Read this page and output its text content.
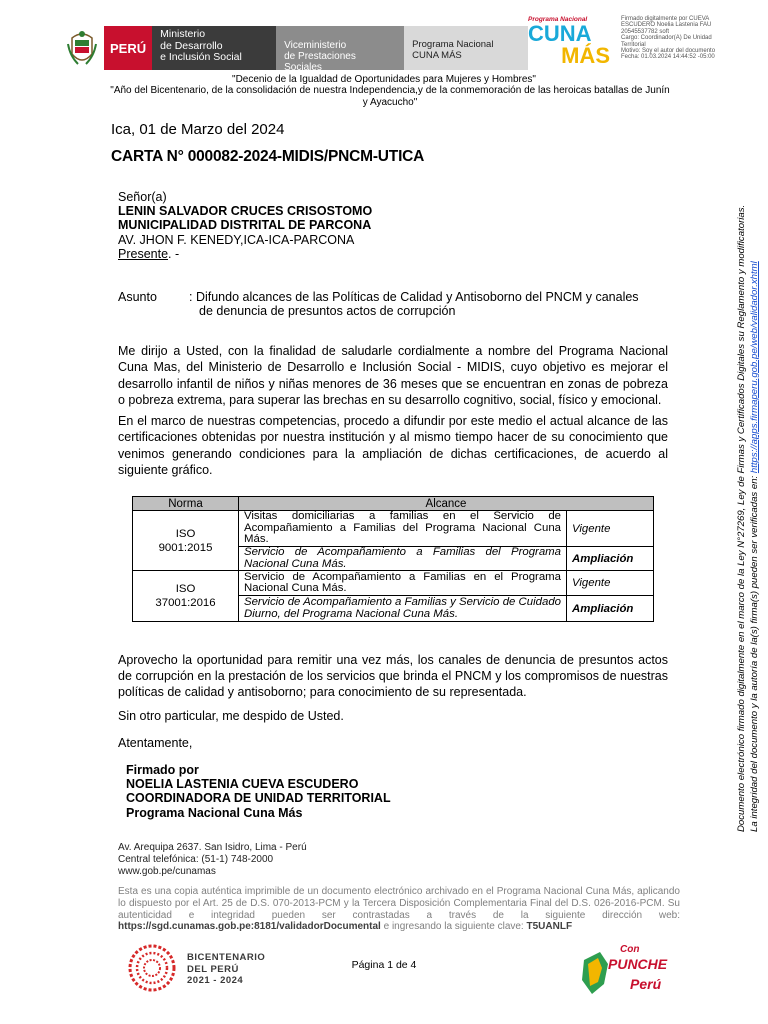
PERÚ
Ministerio
de Desarrollo
e Inclusión Social
Viceministerio
de Prestaciones Sociales
Programa Nacional
CUNA MÁS
Programa Nacional
CUNA
MÁS
Firmado digitalmente por CUEVA
ESCUDERO Noelia Lastenia FAU
20545537782 soft
Cargo: Coordinador(A) De Unidad
Territorial
Motivo: Soy el autor del documento
Fecha: 01.03.2024 14:44:52 -05:00
"Decenio de la Igualdad de Oportunidades para Mujeres y Hombres"
"Año del Bicentenario, de la consolidación de nuestra Independencia,y de la conmemoración de las heroicas batallas de Junín y Ayacucho"
Ica, 01 de Marzo del 2024
CARTA N° 000082-2024-MIDIS/PNCM-UTICA
Señor(a)
LENIN SALVADOR CRUCES CRISOSTOMO
MUNICIPALIDAD DISTRITAL DE PARCONA
AV. JHON F. KENEDY,ICA-ICA-PARCONA
Presente. -
Asunto	: Difundo alcances de las Políticas de Calidad y Antisoborno del PNCM y canales
de denuncia de presuntos actos de corrupción
Me dirijo a Usted, con la finalidad de saludarle cordialmente a nombre del Programa Nacional Cuna Mas, del Ministerio de Desarrollo e Inclusión Social - MIDIS, cuyo objetivo es mejorar el desarrollo infantil de niños y niñas menores de 36 meses que se encuentran en zonas de pobreza o pobreza extrema, para superar las brechas en su desarrollo cognitivo, social, físico y emocional.
En el marco de nuestras competencias, procedo a difundir por este medio el actual alcance de las certificaciones obtenidas por nuestra institución y al mismo tiempo hacer de su conocimiento que venimos generando condiciones para la ampliación de dichas certificaciones, de acuerdo al siguiente gráfico.
Norma	Alcance	

ISO
9001:2015	Visitas domiciliarias a familias en el Servicio de Acompañamiento a Familias del Programa Nacional Cuna Más.	Vigente
	Servicio de Acompañamiento a Familias del Programa Nacional Cuna Más.	Ampliación

ISO
37001:2016	Servicio de Acompañamiento a Familias en el Programa Nacional Cuna Más.	Vigente
	Servicio de Acompañamiento a Familias y Servicio de Cuidado Diurno, del Programa Nacional Cuna Más.	Ampliación
Aprovecho la oportunidad para remitir una vez más, los canales de denuncia de presuntos actos de corrupción en la prestación de los servicios que brinda el PNCM y los compromisos de nuestras políticas de calidad y antisoborno; para conocimiento de su representada.
Sin otro particular, me despido de Usted.
Atentamente,
Firmado por
NOELIA LASTENIA CUEVA ESCUDERO
COORDINADORA DE UNIDAD TERRITORIAL
Programa Nacional Cuna Más
Av. Arequipa 2637. San Isidro, Lima - Perú
Central telefónica: (51-1) 748-2000
www.gob.pe/cunamas
Esta es una copia auténtica imprimible de un documento electrónico archivado en el Programa Nacional Cuna Más, aplicando lo dispuesto por el Art. 25 de D.S. 070-2013-PCM y la Tercera Disposición Complementaria Final del D.S. 026-2016-PCM. Su autenticidad e integridad pueden ser contrastadas a través de la siguiente dirección web: https://sgd.cunamas.gob.pe:8181/validadorDocumental e ingresando la siguiente clave: T5UANLF
BICENTENARIO
DEL PERÚ
2021 - 2024
Página 1 de 4
Con
PUNCHE
Perú
Documento electrónico firmado digitalmente en el marco de la Ley N°27269, Ley de Firmas y Certificados Digitales su Reglamento y modificatorias. La integridad del documento y la autoría de la(s) firma(s) pueden ser verificadas en: https://apps.firmaperu.gob.pe/web/validador.xhtml
